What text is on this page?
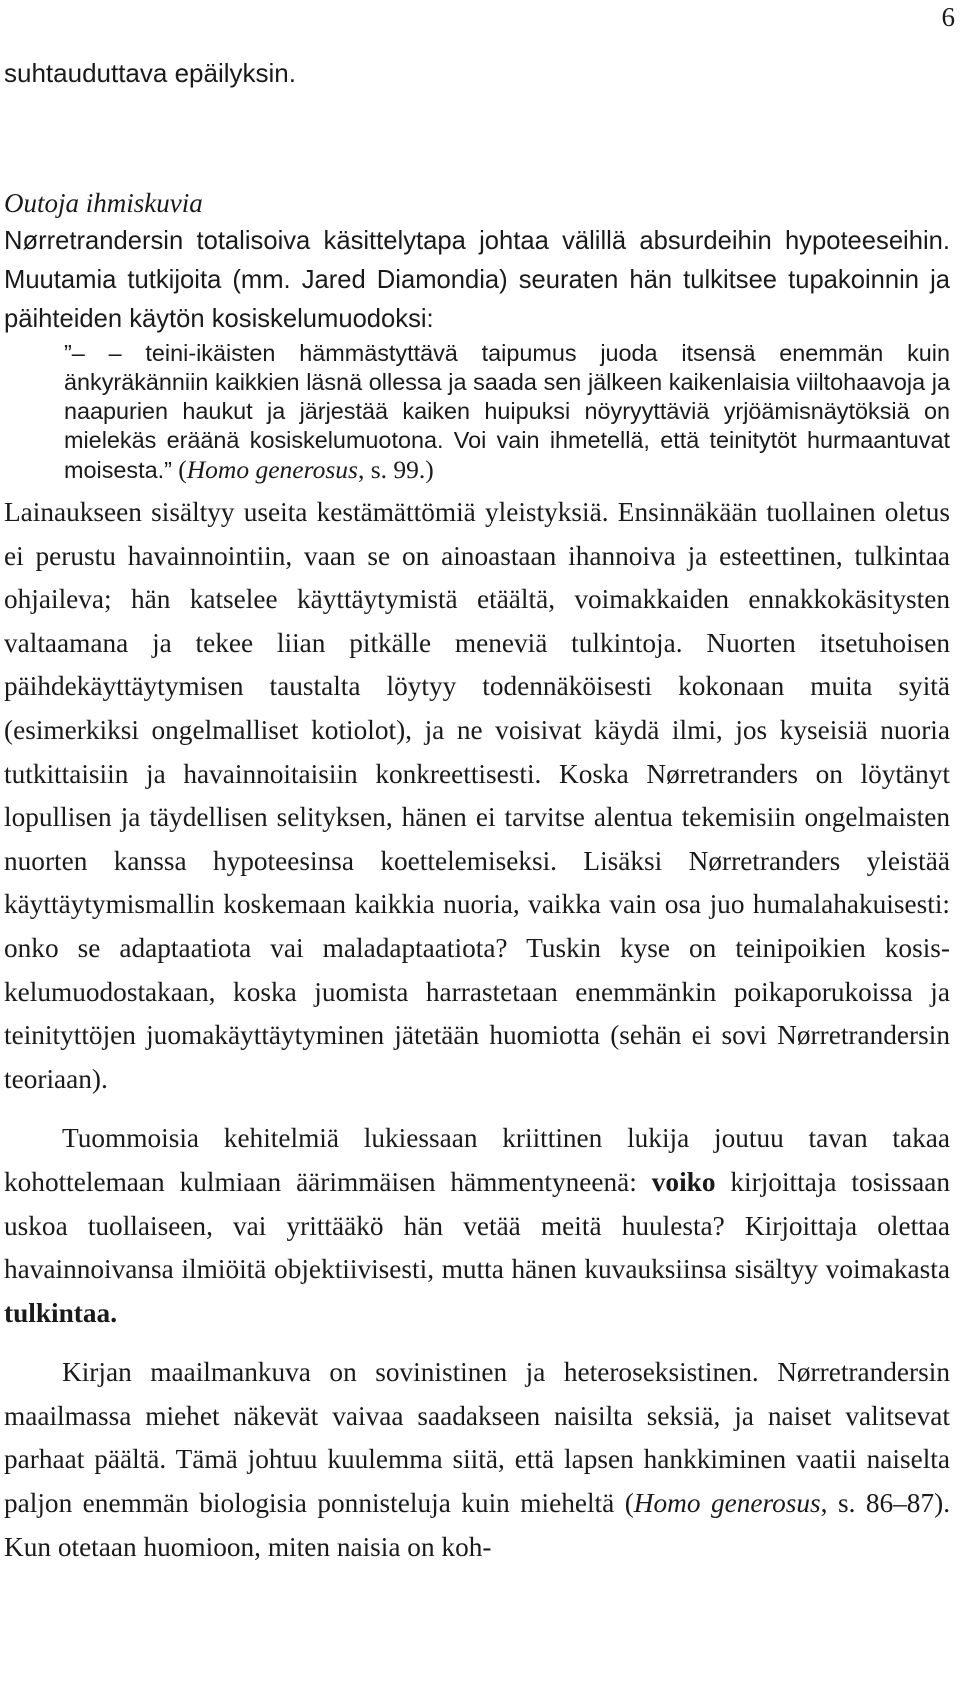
6

suhtauduttava epäilyksin.

Outoja ihmiskuvia

Nørretrandersin totalisoiva käsittelytapa johtaa välillä absurdeihin hypoteeseihin. Muutamia tutkijoita (mm. Jared Diamondia) seuraten hän tulkitsee tupakoinnin ja päihteiden käytön kosiskelumuodoksi:

”– – teini-ikäisten hämmästyttävä taipumus juoda itsensä enemmän kuin änkyräkänniin kaikkien läsnä ollessa ja saada sen jälkeen kaikenlaisia viiltohaavoja ja naapurien haukut ja järjestää kaiken huipuksi nöyryyttäviä yrjöämisnäytöksiä on mielekäs eräänä kosiskelumuotona. Voi vain ihmetellä, että teinitytöt hurmaantuvat moisesta.” (Homo generosus, s. 99.)

Lainaukseen sisältyy useita kestämättömiä yleistyksiä. Ensinnäkään tuollainen oletus ei perustu havainnointiin, vaan se on ainoastaan ihannoiva ja esteettinen, tulkintaa ohjaileva; hän katselee käyttäytymistä etäältä, voimakkaiden ennakkokäsitysten valtaamana ja tekee liian pitkälle meneviä tulkintoja. Nuorten itsetuhoisen päihdekäyttäytymisen taustalta löytyy todennäköisesti kokonaan muita syitä (esimerkiksi ongelmalliset kotiolot), ja ne voisivat käydä ilmi, jos kyseisiä nuoria tutkittaisiin ja havainnoitaisiin konkreettisesti. Koska Nørretranders on löytänyt lopullisen ja täydellisen selityksen, hänen ei tarvitse alentua tekemisiin ongelmaisten nuorten kanssa hypoteesinsa koettelemiseksi. Lisäksi Nørretranders yleistää käyttäytymismallin koskemaan kaikkia nuoria, vaikka vain osa juo humalahakuisesti: onko se adaptaatiota vai maladaptaatiota? Tuskin kyse on teinipoikien kosiskelumuodostakaan, koska juomista harrastetaan enemmänkin poikaporukoissa ja teinityttöjen juomakäyttäytyminen jätetään huomiotta (sehän ei sovi Nørretrandersin teoriaan).

Tuommoisia kehitelmiä lukiessaan kriittinen lukija joutuu tavan takaa kohottelemaan kulmiaan äärimmäisen hämmentyneenä: voiko kirjoittaja tosissaan uskoa tuollaiseen, vai yrittääkö hän vetää meitä huulesta? Kirjoittaja olettaa havainnoivansa ilmiöitä objektiivisesti, mutta hänen kuvauksiinsa sisältyy voimakasta tulkintaa.

Kirjan maailmankuva on sovinistinen ja heteroseksistinen. Nørretrandersin maailmassa miehet näkevät vaivaa saadakseen naisilta seksiä, ja naiset valitsevat parhaat päältä. Tämä johtuu kuulemma siitä, että lapsen hankkiminen vaatii naiselta paljon enemmän biologisia ponnisteluja kuin mieheltä (Homo generosus, s. 86–87). Kun otetaan huomioon, miten naisia on koh-
